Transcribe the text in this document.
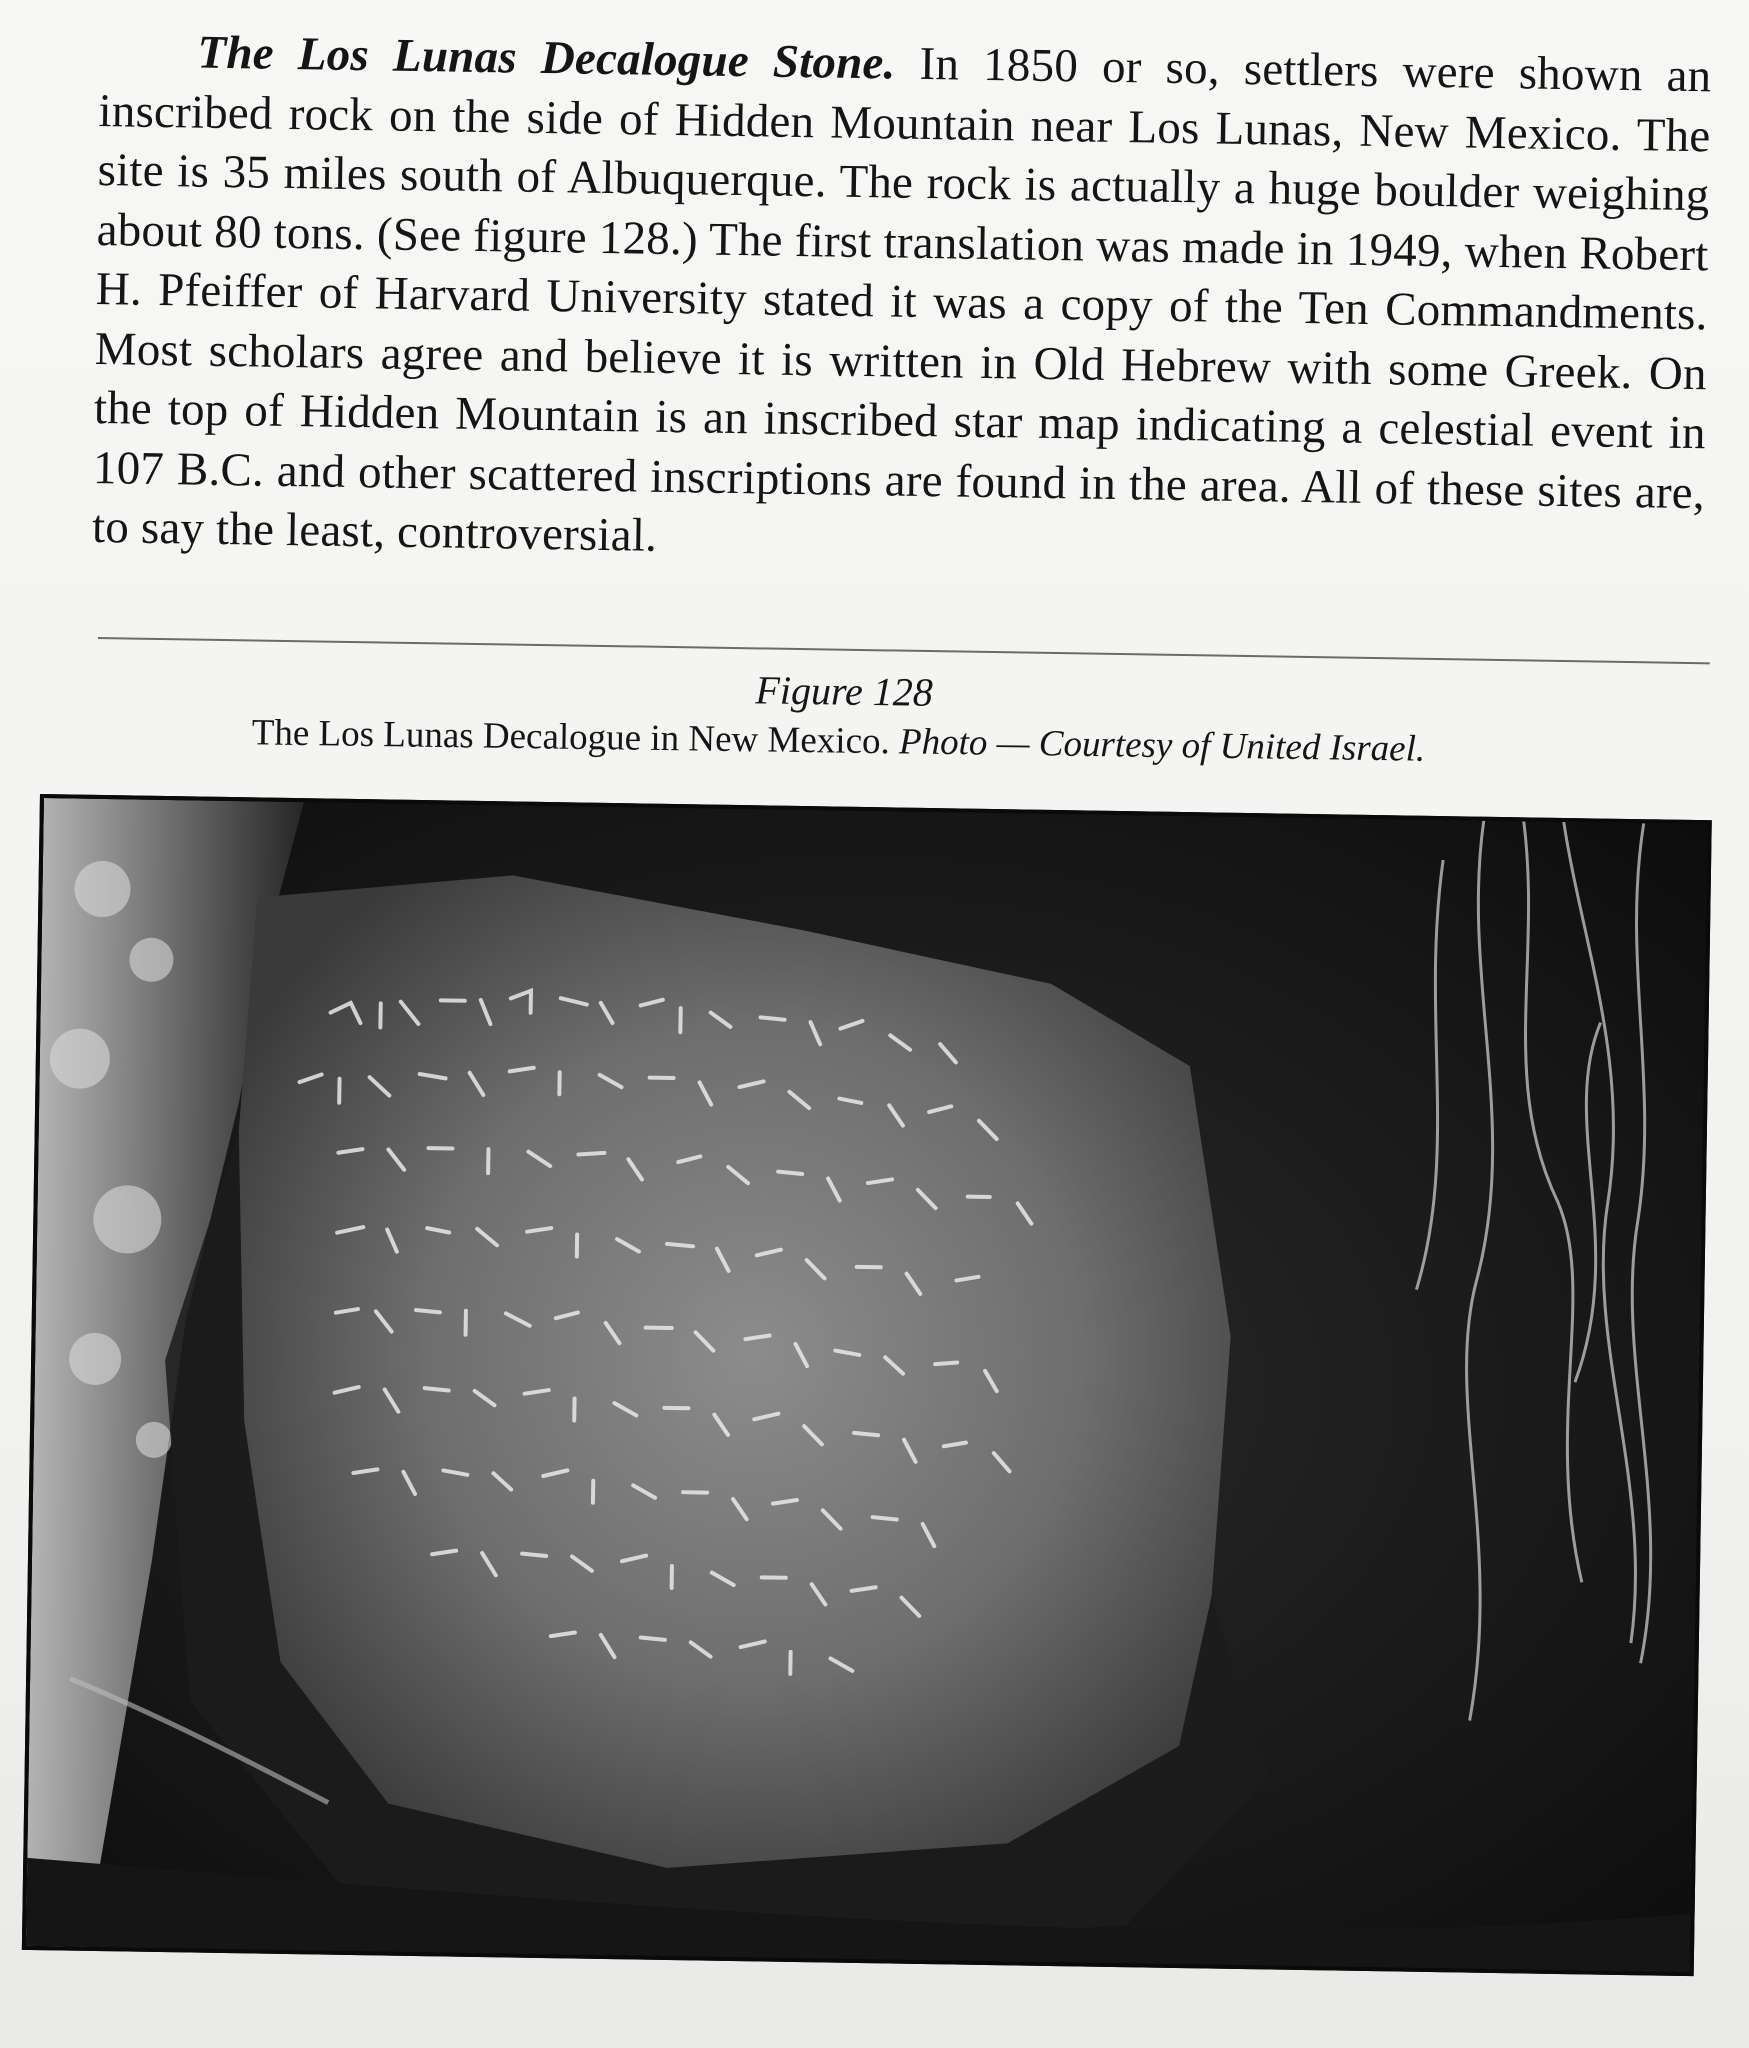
The Los Lunas Decalogue Stone. In 1850 or so, settlers were shown an inscribed rock on the side of Hidden Mountain near Los Lunas, New Mexico. The site is 35 miles south of Albuquerque. The rock is actually a huge boulder weighing about 80 tons. (See figure 128.) The first translation was made in 1949, when Robert H. Pfeiffer of Harvard University stated it was a copy of the Ten Commandments. Most scholars agree and believe it is written in Old Hebrew with some Greek. On the top of Hidden Mountain is an inscribed star map indicating a celestial event in 107 B.C. and other scattered inscriptions are found in the area. All of these sites are, to say the least, controversial.

Figure 128
The Los Lunas Decalogue in New Mexico. Photo — Courtesy of United Israel.
